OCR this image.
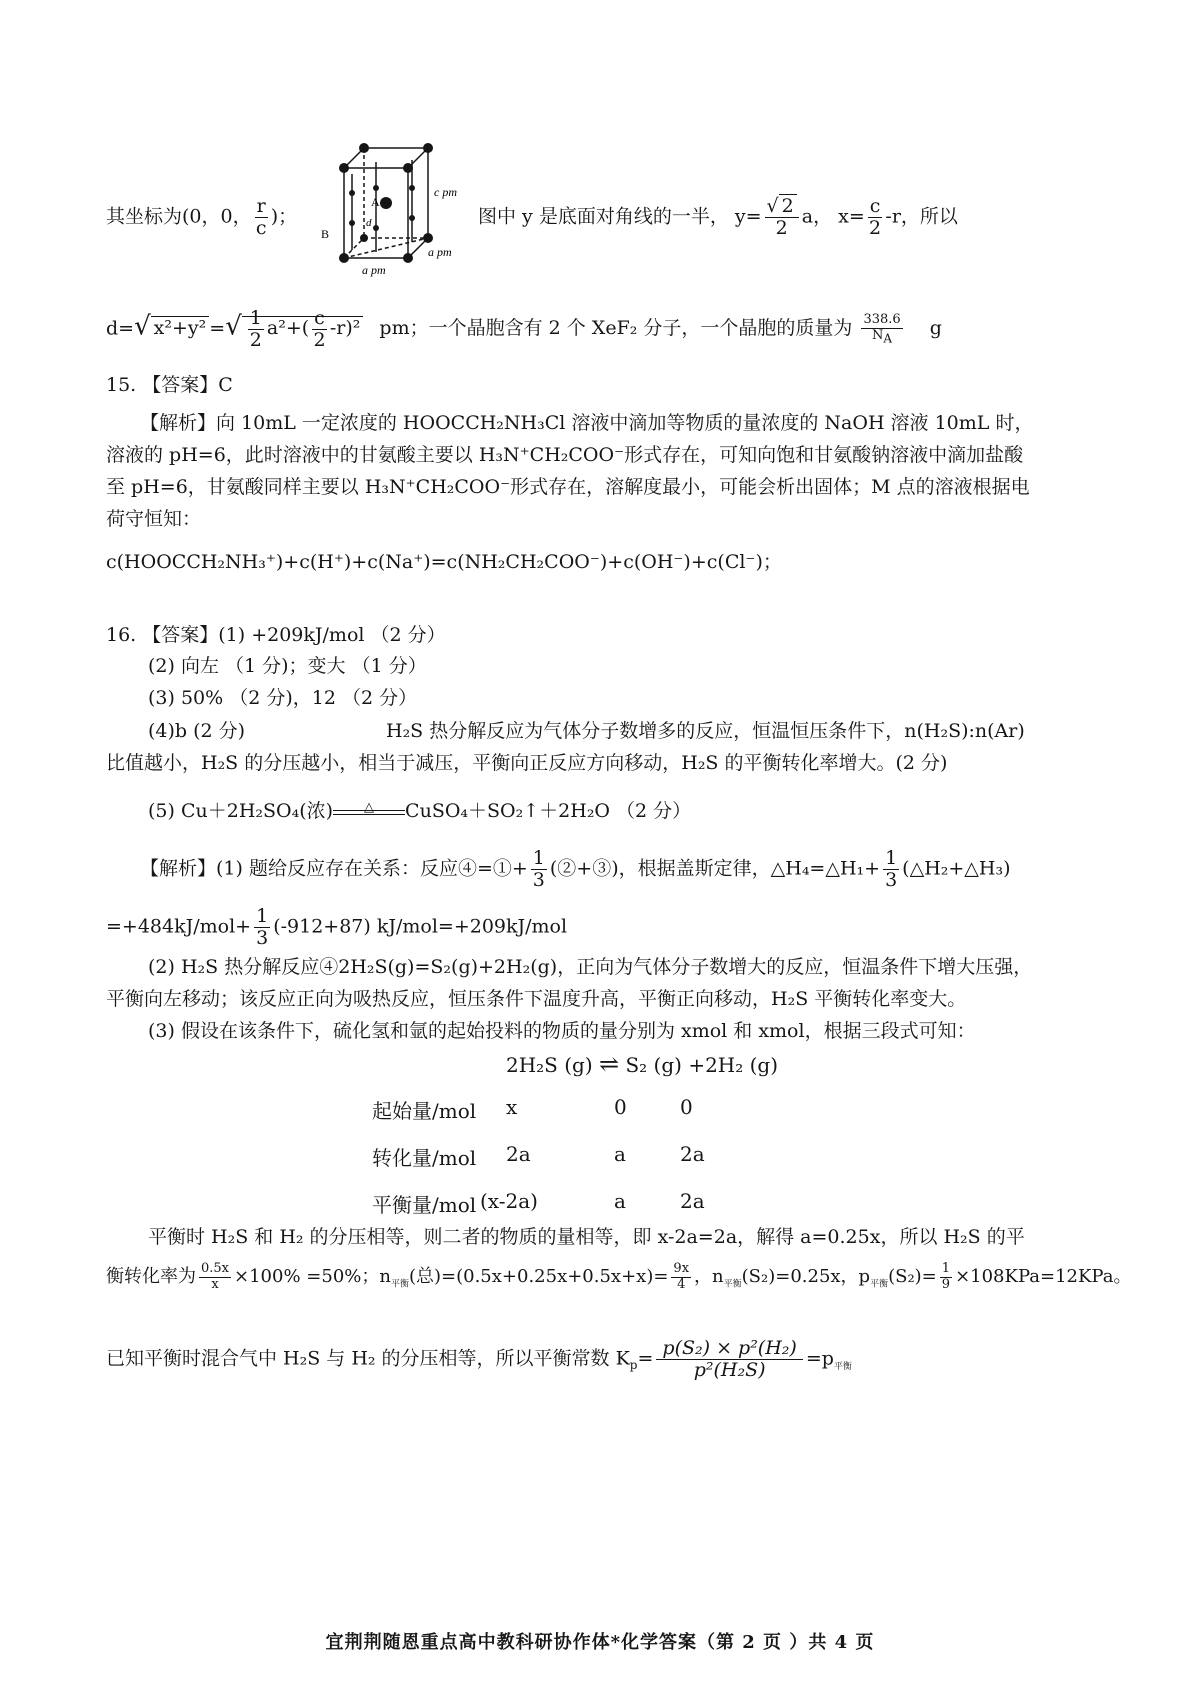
其坐标为(0，0， $\frac{r}{c}$ )；
A
B
d
c pm
a pm
a pm
图中 y 是底面对角线的一半， $y= \frac{√ 2}{2}$ a， $x= \frac{c}{2} -r$，所以
d=√ x²+y² =√ $\frac{1}{2} a^2+( \frac{c}{2} -r)^2$ pm；一个晶胞含有 2 个 XeF₂ 分子，一个晶胞的质量为 $\frac{338.6}{N_A}$ g
15. 【答案】C
【解析】向 10mL 一定浓度的 HOOCCH₂NH₃Cl 溶液中滴加等物质的量浓度的 NaOH 溶液 10mL 时，
溶液的 pH=6，此时溶液中的甘氨酸主要以 H₃N⁺CH₂COO⁻形式存在，可知向饱和甘氨酸钠溶液中滴加盐酸
至 pH=6，甘氨酸同样主要以 H₃N⁺CH₂COO⁻形式存在，溶解度最小，可能会析出固体；M 点的溶液根据电
荷守恒知：
c(HOOCCH₂NH₃⁺)+c(H⁺)+c(Na⁺)=c(NH₂CH₂COO⁻)+c(OH⁻)+c(Cl⁻)；
16. 【答案】(1) +209kJ/mol （2 分）
(2) 向左 （1 分)；变大 （1 分）
(3) 50% （2 分)，12 （2 分）
(4)b (2 分)	H₂S 热分解反应为气体分子数增多的反应，恒温恒压条件下，n(H₂S):n(Ar)
比值越小，H₂S 的分压越小，相当于减压，平衡向正反应方向移动，H₂S 的平衡转化率增大。(2 分)
(5) Cu＋2H₂SO₄(浓)	△	CuSO₄＋SO₂↑＋2H₂O （2 分）
【解析】(1) 题给反应存在关系：反应④=①+ $\frac{1}{3}$ (②+③)，根据盖斯定律，△H₄=△H₁+ $\frac{1}{3}$ (△H₂+△H₃)
$=+484kJ/mol+ \frac{1}{3} (-912+87)$ kJ/mol=+209kJ/mol
(2) H₂S 热分解反应④2H₂S(g)=S₂(g)+2H₂(g)，正向为气体分子数增大的反应，恒温条件下增大压强，
平衡向左移动；该反应正向为吸热反应，恒压条件下温度升高，平衡正向移动，H₂S 平衡转化率变大。
(3) 假设在该条件下，硫化氢和氩的起始投料的物质的量分别为 xmol 和 xmol，根据三段式可知：
2H₂S (g) ⇌ S₂ (g) +2H₂ (g)
起始量/mol x	0	0
转化量/mol 2a	a	2a
平衡量/mol (x-2a)	a	2a
平衡时 H₂S 和 H₂ 的分压相等，则二者的物质的量相等，即 x-2a=2a，解得 a=0.25x，所以 H₂S 的平
衡转化率为 $\frac{0.5x}{x} \times 100\% =50\%$；$n_{平衡}$(总)$=(0.5x+0.25x+0.5x+x)= \frac{9x}{4}$ ，$n_{平衡}(S_2)=0.25x$，$p_{平衡}(S_2)= \frac{1}{9} \times 108KPa=12KPa$。
已知平衡时混合气中 H₂S 与 H₂ 的分压相等，所以平衡常数 $K_p= \frac{\text{p(S₂) × p²(H₂)}}{\text{p²(H₂S)}} =p_{平衡}$
宜荆荆随恩重点高中教科研协作体*化学答案（第 2 页 ）共 4 页
